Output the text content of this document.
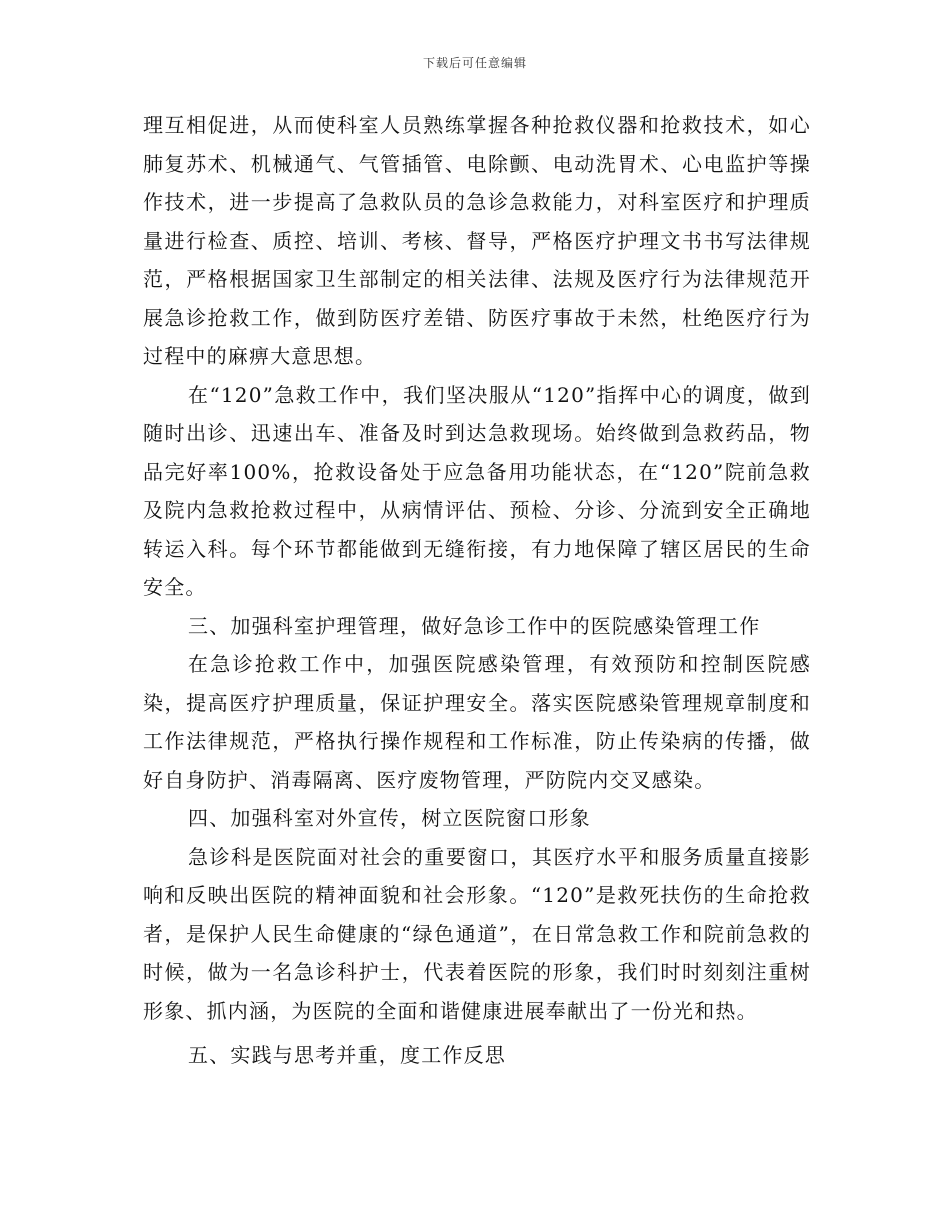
下载后可任意编辑

理互相促进，从而使科室人员熟练掌握各种抢救仪器和抢救技术，如心肺复苏术、机械通气、气管插管、电除颤、电动洗胃术、心电监护等操作技术，进一步提高了急救队员的急诊急救能力，对科室医疗和护理质量进行检查、质控、培训、考核、督导，严格医疗护理文书书写法律规范，严格根据国家卫生部制定的相关法律、法规及医疗行为法律规范开展急诊抢救工作，做到防医疗差错、防医疗事故于未然，杜绝医疗行为过程中的麻痹大意思想。

在“120”急救工作中，我们坚决服从“120”指挥中心的调度，做到随时出诊、迅速出车、准备及时到达急救现场。始终做到急救药品，物品完好率100%，抢救设备处于应急备用功能状态，在“120”院前急救及院内急救抢救过程中，从病情评估、预检、分诊、分流到安全正确地转运入科。每个环节都能做到无缝衔接，有力地保障了辖区居民的生命安全。

三、加强科室护理管理，做好急诊工作中的医院感染管理工作

在急诊抢救工作中，加强医院感染管理，有效预防和控制医院感染，提高医疗护理质量，保证护理安全。落实医院感染管理规章制度和工作法律规范，严格执行操作规程和工作标准，防止传染病的传播，做好自身防护、消毒隔离、医疗废物管理，严防院内交叉感染。

四、加强科室对外宣传，树立医院窗口形象

急诊科是医院面对社会的重要窗口，其医疗水平和服务质量直接影响和反映出医院的精神面貌和社会形象。“120”是救死扶伤的生命抢救者，是保护人民生命健康的“绿色通道”，在日常急救工作和院前急救的时候，做为一名急诊科护士，代表着医院的形象，我们时时刻刻注重树形象、抓内涵，为医院的全面和谐健康进展奉献出了一份光和热。

五、实践与思考并重，度工作反思
